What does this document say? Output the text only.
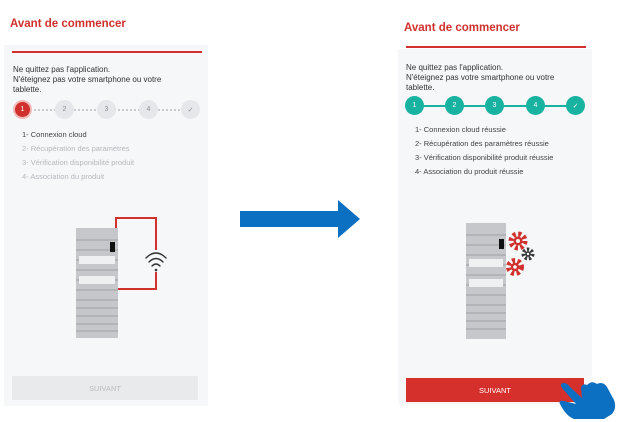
Avant de commencer
Ne quittez pas l'application.
N'éteignez pas votre smartphone ou votre
tablette.
1	2	3	4	✓
1- Connexion cloud
2- Récupération des paramètres
3- Vérification disponibilité produit
4- Association du produit
SUIVANT
Avant de commencer
Ne quittez pas l'application.
N'éteignez pas votre smartphone ou votre
tablette.
1	2	3	4	✓
1- Connexion cloud réussie
2- Récupération des paramètres réussie
3- Vérification disponibilité produit réussie
4- Association du produit réussie
SUIVANT
